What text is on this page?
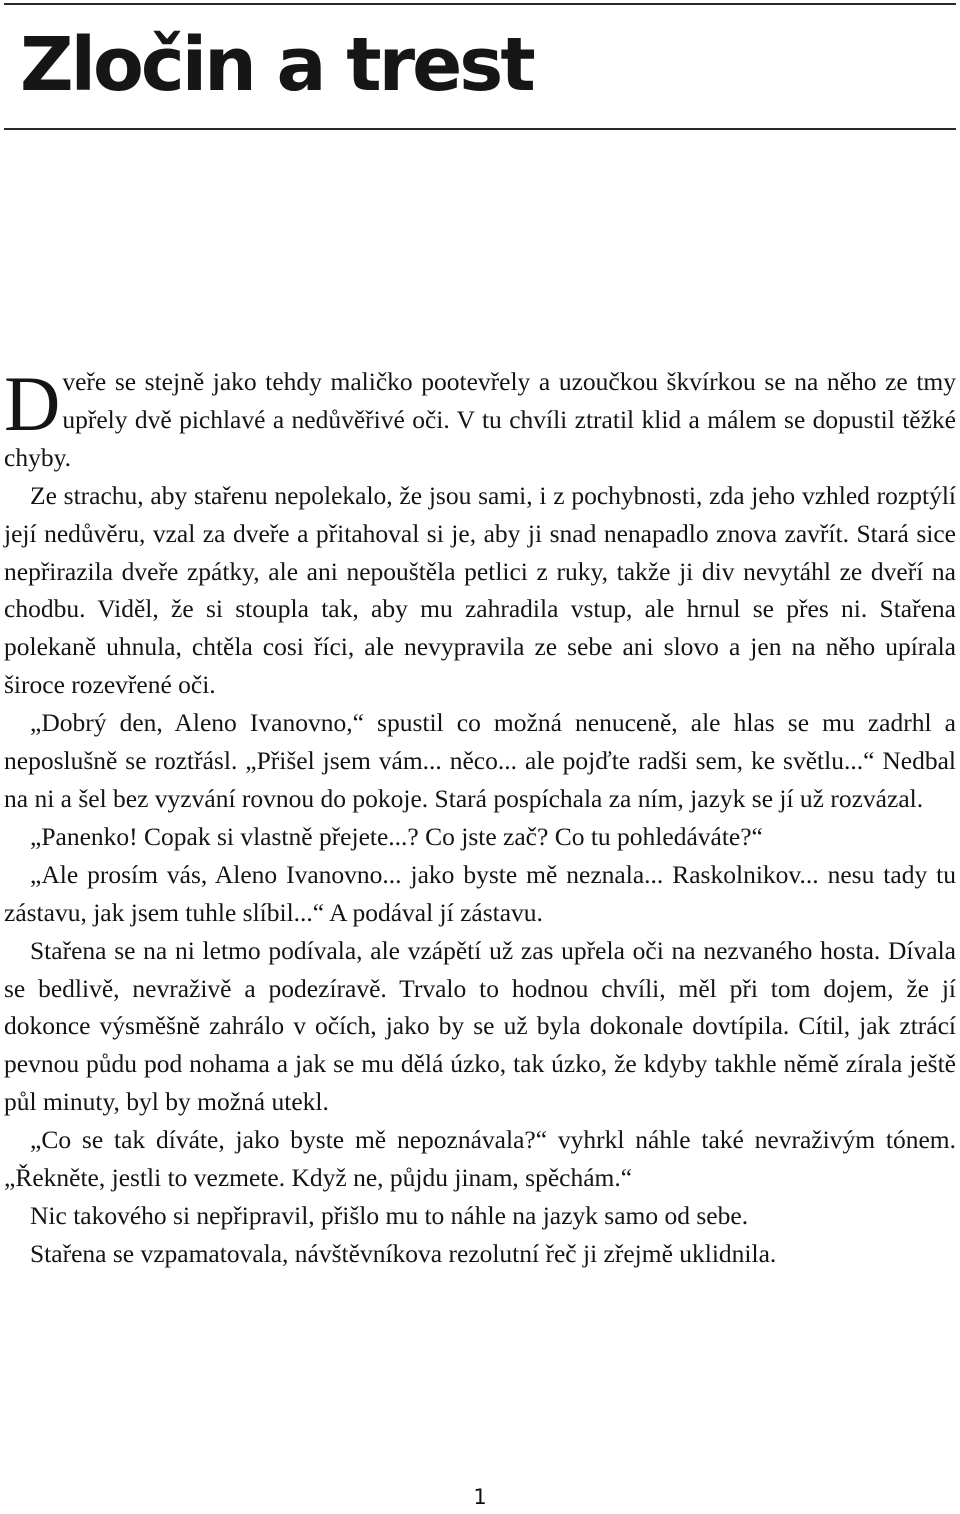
Zločin a trest

Dveře se stejně jako tehdy maličko pootevřely a uzoučkou škvírkou se na něho ze tmy upřely dvě pichlavé a nedůvěřivé oči. V tu chvíli ztratil klid a málem se dopustil těžké chyby.

Ze strachu, aby stařenu nepolekalo, že jsou sami, i z pochybnosti, zda jeho vzhled rozptýlí její nedůvěru, vzal za dveře a přitahoval si je, aby ji snad nenapadlo znova zavřít. Stará sice nepřirazila dveře zpátky, ale ani nepouštěla petlici z ruky, takže ji div nevytáhl ze dveří na chodbu. Viděl, že si stoupla tak, aby mu zahradila vstup, ale hrnul se přes ni. Stařena polekaně uhnula, chtěla cosi říci, ale nevypravila ze sebe ani slovo a jen na něho upírala široce rozevřené oči.

„Dobrý den, Aleno Ivanovno,“ spustil co možná nenuceně, ale hlas se mu zadrhl a neposlušně se roztřásl. „Přišel jsem vám... něco... ale pojďte radši sem, ke světlu...“ Nedbal na ni a šel bez vyzvání rovnou do pokoje. Stará pospíchala za ním, jazyk se jí už rozvázal.

„Panenko! Copak si vlastně přejete...? Co jste zač? Co tu pohledáváte?“

„Ale prosím vás, Aleno Ivanovno... jako byste mě neznala... Raskolnikov... nesu tady tu zástavu, jak jsem tuhle slíbil...“ A podával jí zástavu.

Stařena se na ni letmo podívala, ale vzápětí už zas upřela oči na nezvaného hosta. Dívala se bedlivě, nevraživě a podezíravě. Trvalo to hodnou chvíli, měl při tom dojem, že jí dokonce výsměšně zahrálo v očích, jako by se už byla dokonale dovtípila. Cítil, jak ztrácí pevnou půdu pod nohama a jak se mu dělá úzko, tak úzko, že kdyby takhle němě zírala ještě půl minuty, byl by možná utekl.

„Co se tak díváte, jako byste mě nepoznávala?“ vyhrkl náhle také nevraživým tónem. „Řekněte, jestli to vezmete. Když ne, půjdu jinam, spěchám.“

Nic takového si nepřipravil, přišlo mu to náhle na jazyk samo od sebe.

Stařena se vzpamatovala, návštěvníkova rezolutní řeč ji zřejmě uklidnila.

1
